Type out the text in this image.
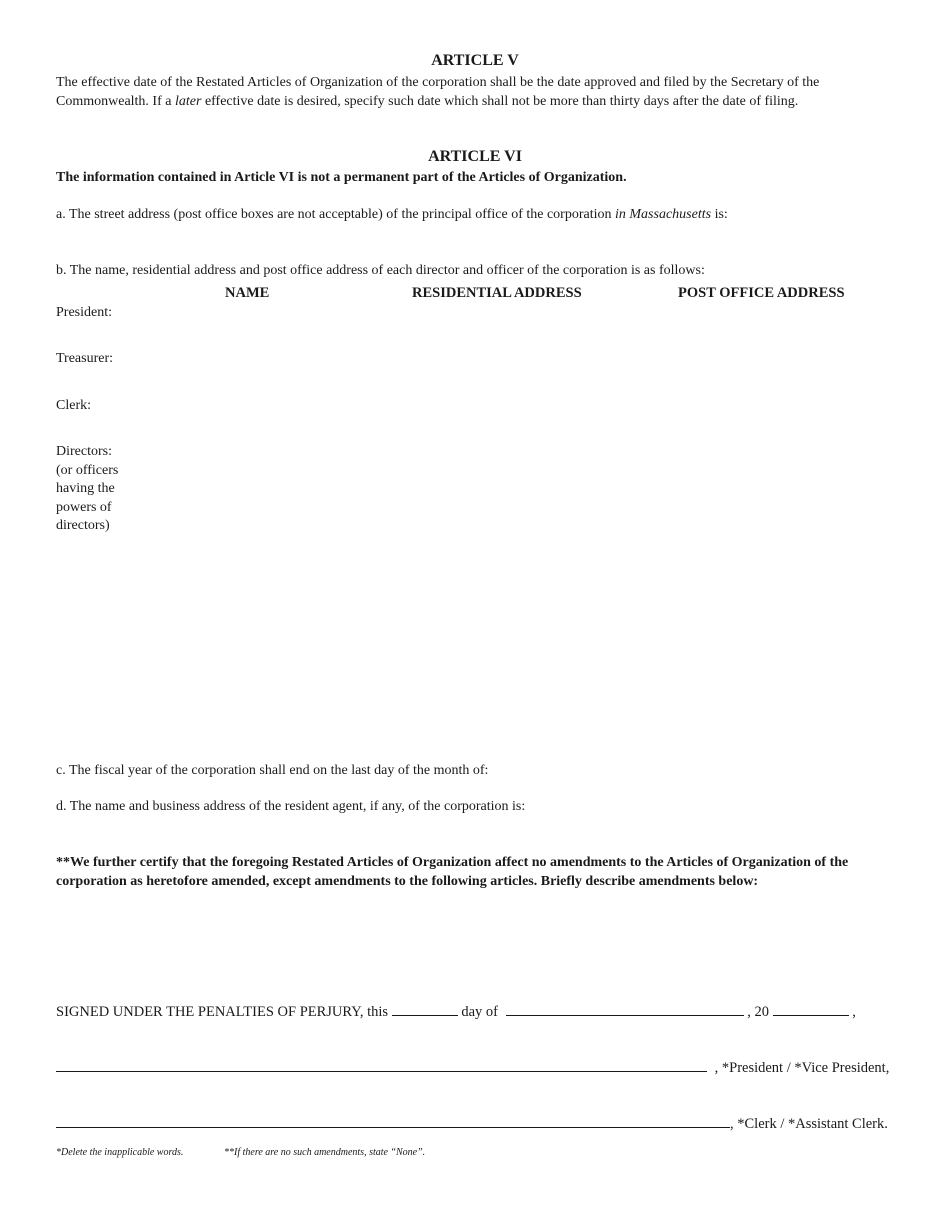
ARTICLE V
The effective date of the Restated Articles of Organization of the corporation shall be the date approved and filed by the Secretary of the Commonwealth. If a later effective date is desired, specify such date which shall not be more than thirty days after the date of filing.
ARTICLE VI
The information contained in Article VI is not a permanent part of the Articles of Organization.
a. The street address (post office boxes are not acceptable) of the principal office of the corporation in Massachusetts is:
b. The name, residential address and post office address of each director and officer of the corporation is as follows:
NAME	RESIDENTIAL ADDRESS	POST OFFICE ADDRESS
President:
Treasurer:
Clerk:
Directors:
(or officers
having the
powers of
directors)
c. The fiscal year of the corporation shall end on the last day of the month of:
d. The name and business address of the resident agent, if any, of the corporation is:
**We further certify that the foregoing Restated Articles of Organization affect no amendments to the Articles of Organization of the corporation as heretofore amended, except amendments to the following articles. Briefly describe amendments below:
SIGNED UNDER THE PENALTIES OF PERJURY, this	day of	, 20	,
, *President / *Vice President,
, *Clerk / *Assistant Clerk.
*Delete the inapplicable words.	**If there are no such amendments, state “None”.
